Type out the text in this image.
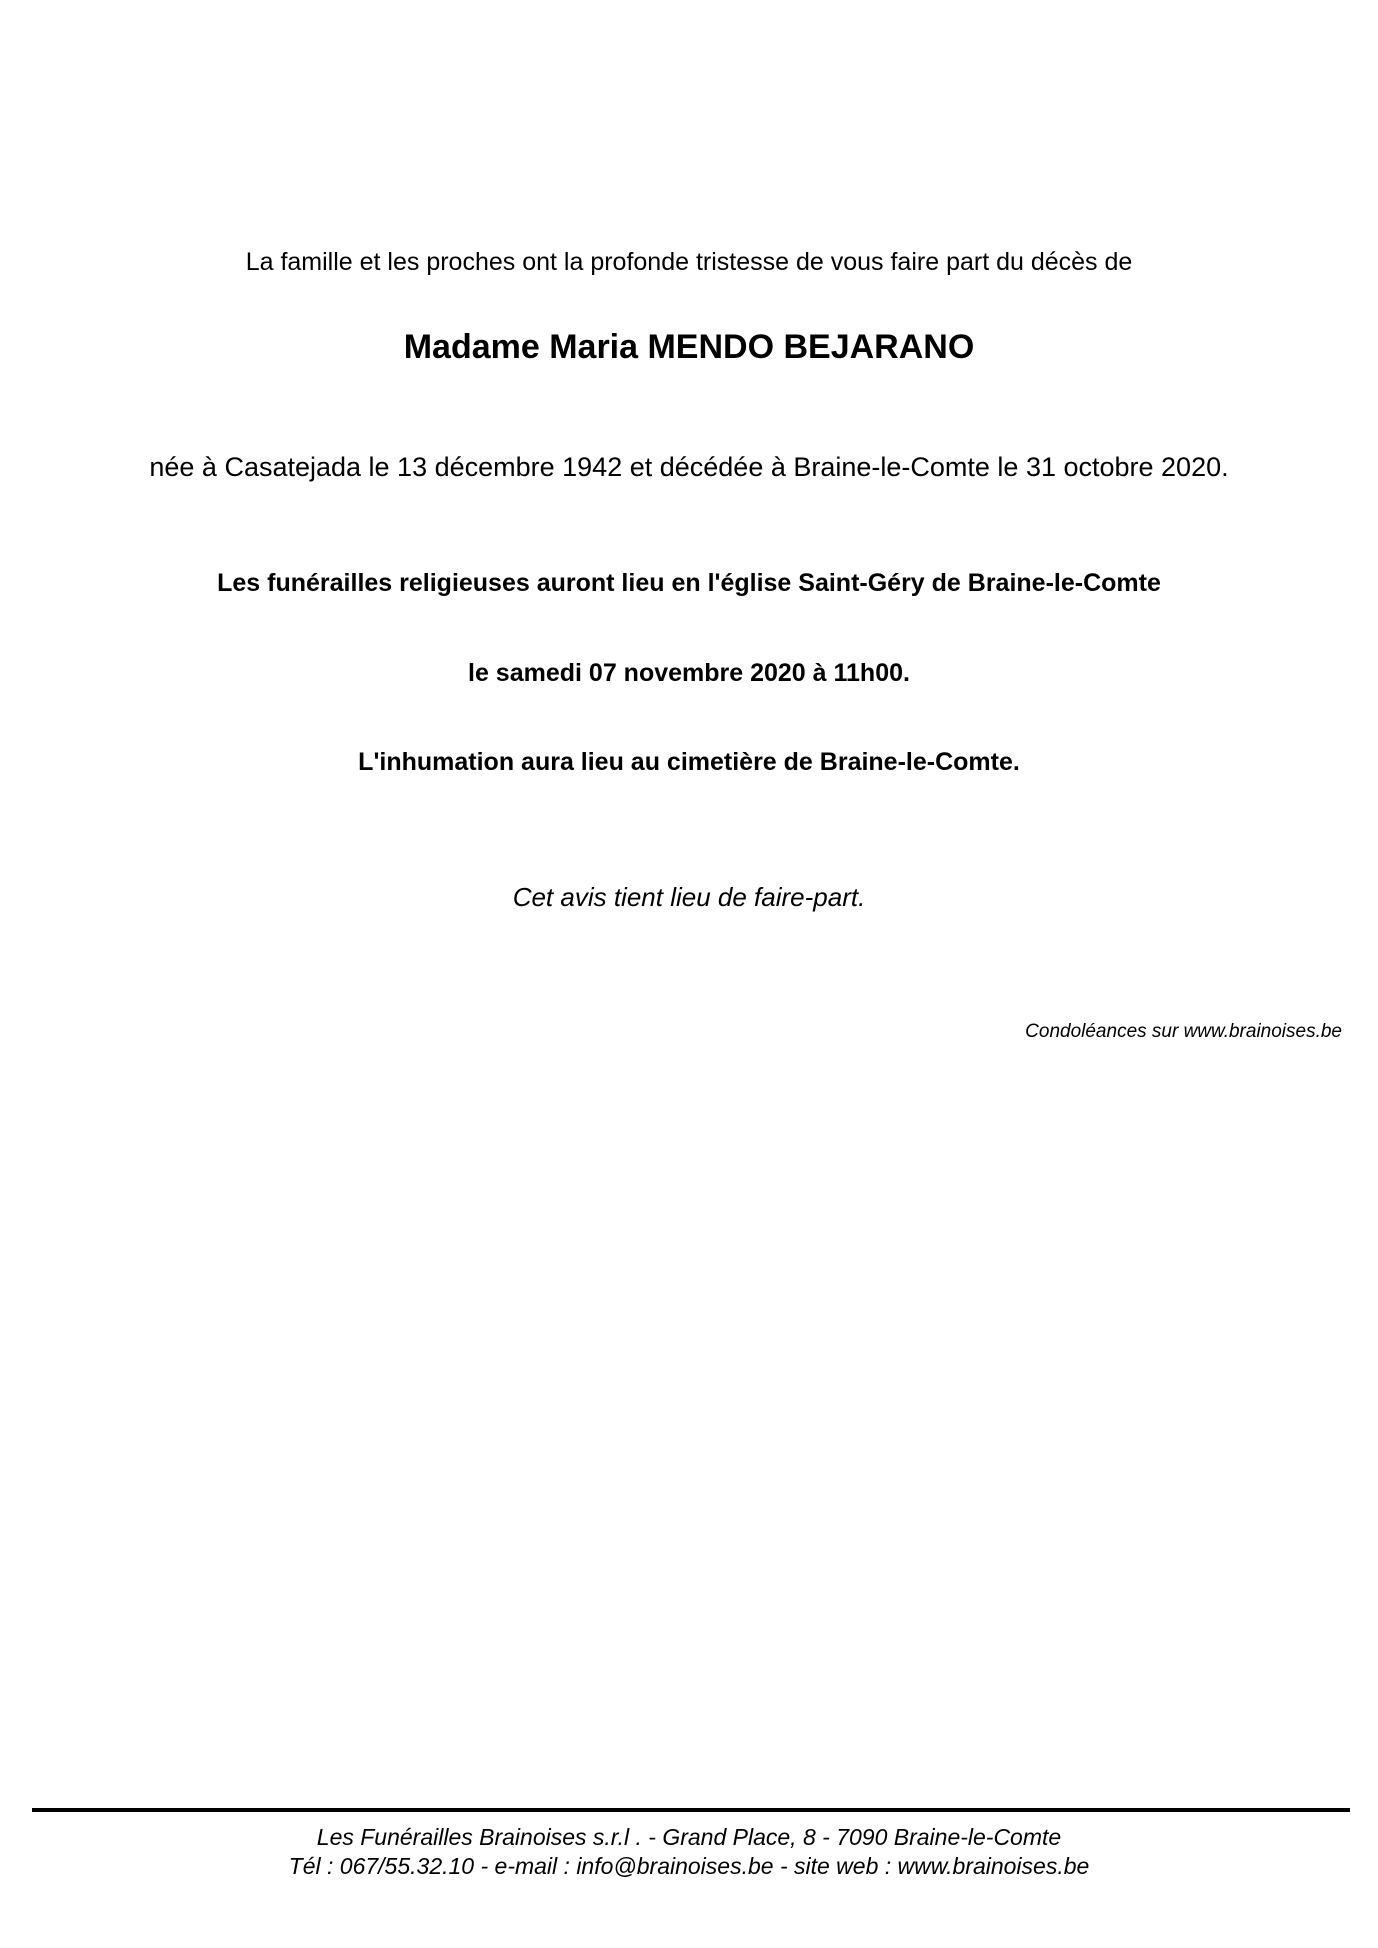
La famille et les proches ont la profonde tristesse de vous faire part du décès de
Madame Maria MENDO BEJARANO
née à Casatejada le 13 décembre 1942 et décédée à Braine-le-Comte le 31 octobre 2020.
Les funérailles religieuses auront lieu en l'église Saint-Géry de Braine-le-Comte
le samedi 07 novembre 2020 à 11h00.
L'inhumation aura lieu au cimetière de Braine-le-Comte.
Cet avis tient lieu de faire-part.
Condoléances sur www.brainoises.be
Les Funérailles Brainoises s.r.l . - Grand Place, 8 - 7090 Braine-le-Comte
Tél : 067/55.32.10 - e-mail : info@brainoises.be - site web : www.brainoises.be
